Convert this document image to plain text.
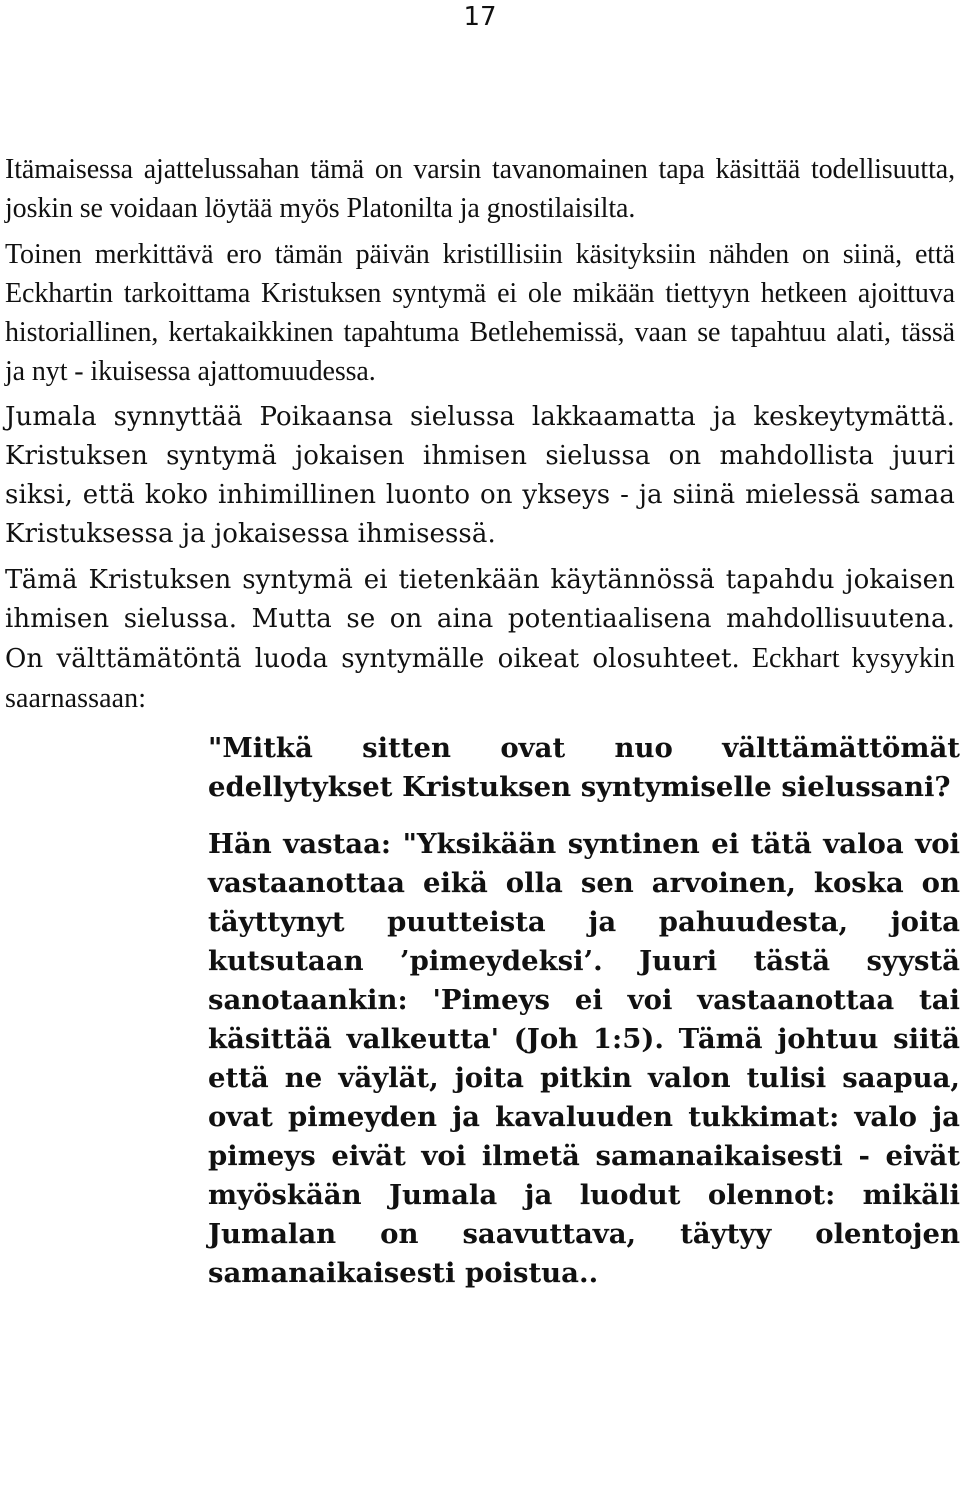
17

Itämaisessa ajattelussahan tämä on varsin tavanomainen tapa käsittää todellisuutta, joskin se voidaan löytää myös Platonilta ja gnostilaisilta.

Toinen merkittävä ero tämän päivän kristillisiin käsityksiin nähden on siinä, että Eckhartin tarkoittama Kristuksen syntymä ei ole mikään tiettyyn hetkeen ajoittuva historiallinen, kertakaikkinen tapahtuma Betlehemissä, vaan se tapahtuu alati, tässä ja nyt - ikuisessa ajattomuudessa.

Jumala synnyttää Poikaansa sielussa lakkaamatta ja keskeytymättä. Kristuksen syntymä jokaisen ihmisen sielussa on mahdollista juuri siksi, että koko inhimillinen luonto on ykseys - ja siinä mielessä samaa Kristuksessa ja jokaisessa ihmisessä.

Tämä Kristuksen syntymä ei tietenkään käytännössä tapahdu jokaisen ihmisen sielussa. Mutta se on aina potentiaalisena mahdollisuutena. On välttämätöntä luoda syntymälle oikeat olosuhteet. Eckhart kysyykin saarnassaan:

"Mitkä sitten ovat nuo välttämättömät edellytykset Kristuksen syntymiselle sielussani?

Hän vastaa: "Yksikään syntinen ei tätä valoa voi vastaanottaa eikä olla sen arvoinen, koska on täyttynyt puutteista ja pahuudesta, joita kutsutaan ’pimeydeksi’. Juuri tästä syystä sanotaankin: 'Pimeys ei voi vastaanottaa tai käsittää valkeutta' (Joh 1:5). Tämä johtuu siitä että ne väylät, joita pitkin valon tulisi saapua, ovat pimeyden ja kavaluuden tukkimat: valo ja pimeys eivät voi ilmetä samanaikaisesti - eivät myöskään Jumala ja luodut olennot: mikäli Jumalan on saavuttava, täytyy olentojen samanaikaisesti poistua..
